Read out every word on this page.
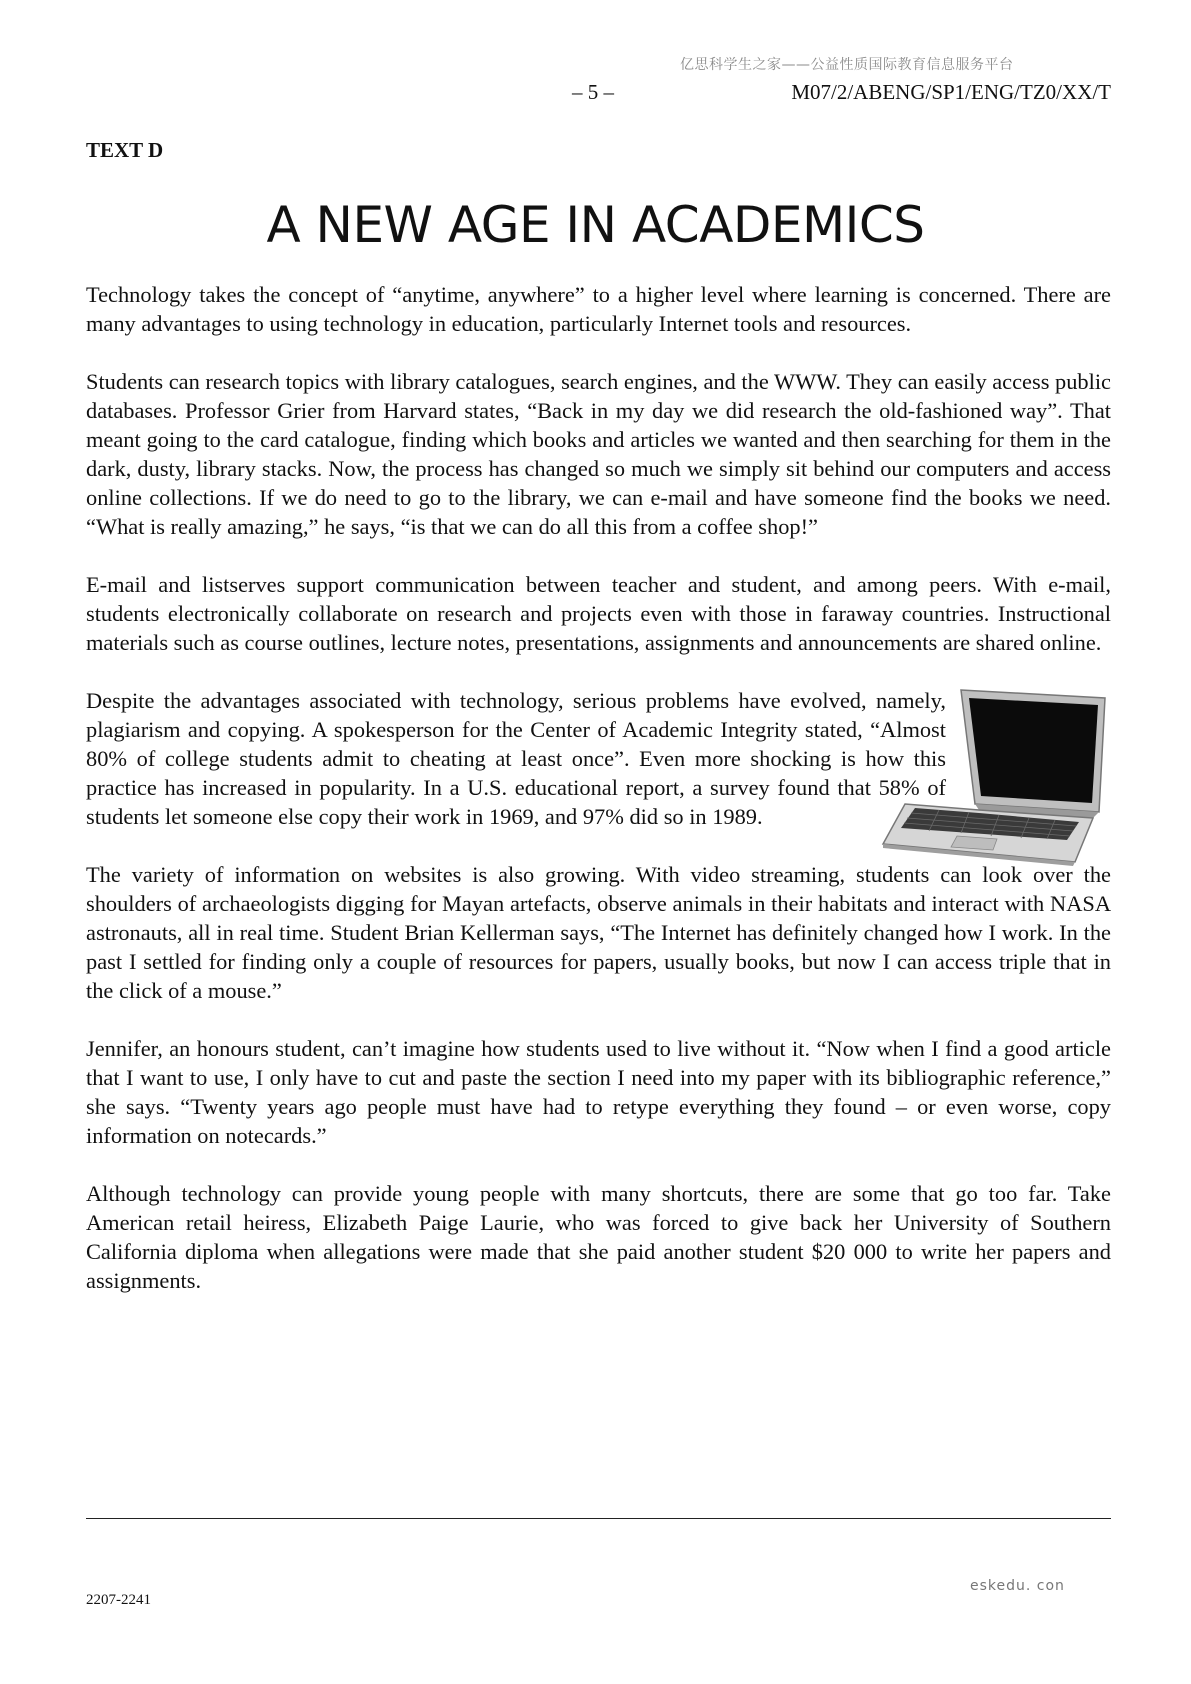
亿思科学生之家——公益性质国际教育信息服务平台
– 5 –	M07/2/ABENG/SP1/ENG/TZ0/XX/T
TEXT D
A NEW AGE IN ACADEMICS

Technology takes the concept of “anytime, anywhere” to a higher level where learning is concerned. There are many advantages to using technology in education, particularly Internet tools and resources.

Students can research topics with library catalogues, search engines, and the WWW. They can easily access public databases. Professor Grier from Harvard states, “Back in my day we did research the old-fashioned way”. That meant going to the card catalogue, finding which books and articles we wanted and then searching for them in the dark, dusty, library stacks. Now, the process has changed so much we simply sit behind our computers and access online collections. If we do need to go to the library, we can e-mail and have someone find the books we need. “What is really amazing,” he says, “is that we can do all this from a coffee shop!”

E-mail and listserves support communication between teacher and student, and among peers. With e-mail, students electronically collaborate on research and projects even with those in faraway countries. Instructional materials such as course outlines, lecture notes, presentations, assignments and announcements are shared online.

Despite the advantages associated with technology, serious problems have evolved, namely, plagiarism and copying. A spokesperson for the Center of Academic Integrity stated, “Almost 80% of college students admit to cheating at least once”. Even more shocking is how this practice has increased in popularity. In a U.S. educational report, a survey found that 58% of students let someone else copy their work in 1969, and 97% did so in 1989.

The variety of information on websites is also growing. With video streaming, students can look over the shoulders of archaeologists digging for Mayan artefacts, observe animals in their habitats and interact with NASA astronauts, all in real time. Student Brian Kellerman says, “The Internet has definitely changed how I work. In the past I settled for finding only a couple of resources for papers, usually books, but now I can access triple that in the click of a mouse.”

Jennifer, an honours student, can’t imagine how students used to live without it. “Now when I find a good article that I want to use, I only have to cut and paste the section I need into my paper with its bibliographic reference,” she says. “Twenty years ago people must have had to retype everything they found – or even worse, copy information on notecards.”

Although technology can provide young people with many shortcuts, there are some that go too far. Take American retail heiress, Elizabeth Paige Laurie, who was forced to give back her University of Southern California diploma when allegations were made that she paid another student $20 000 to write her papers and assignments.

2207-2241
eskedu. con
